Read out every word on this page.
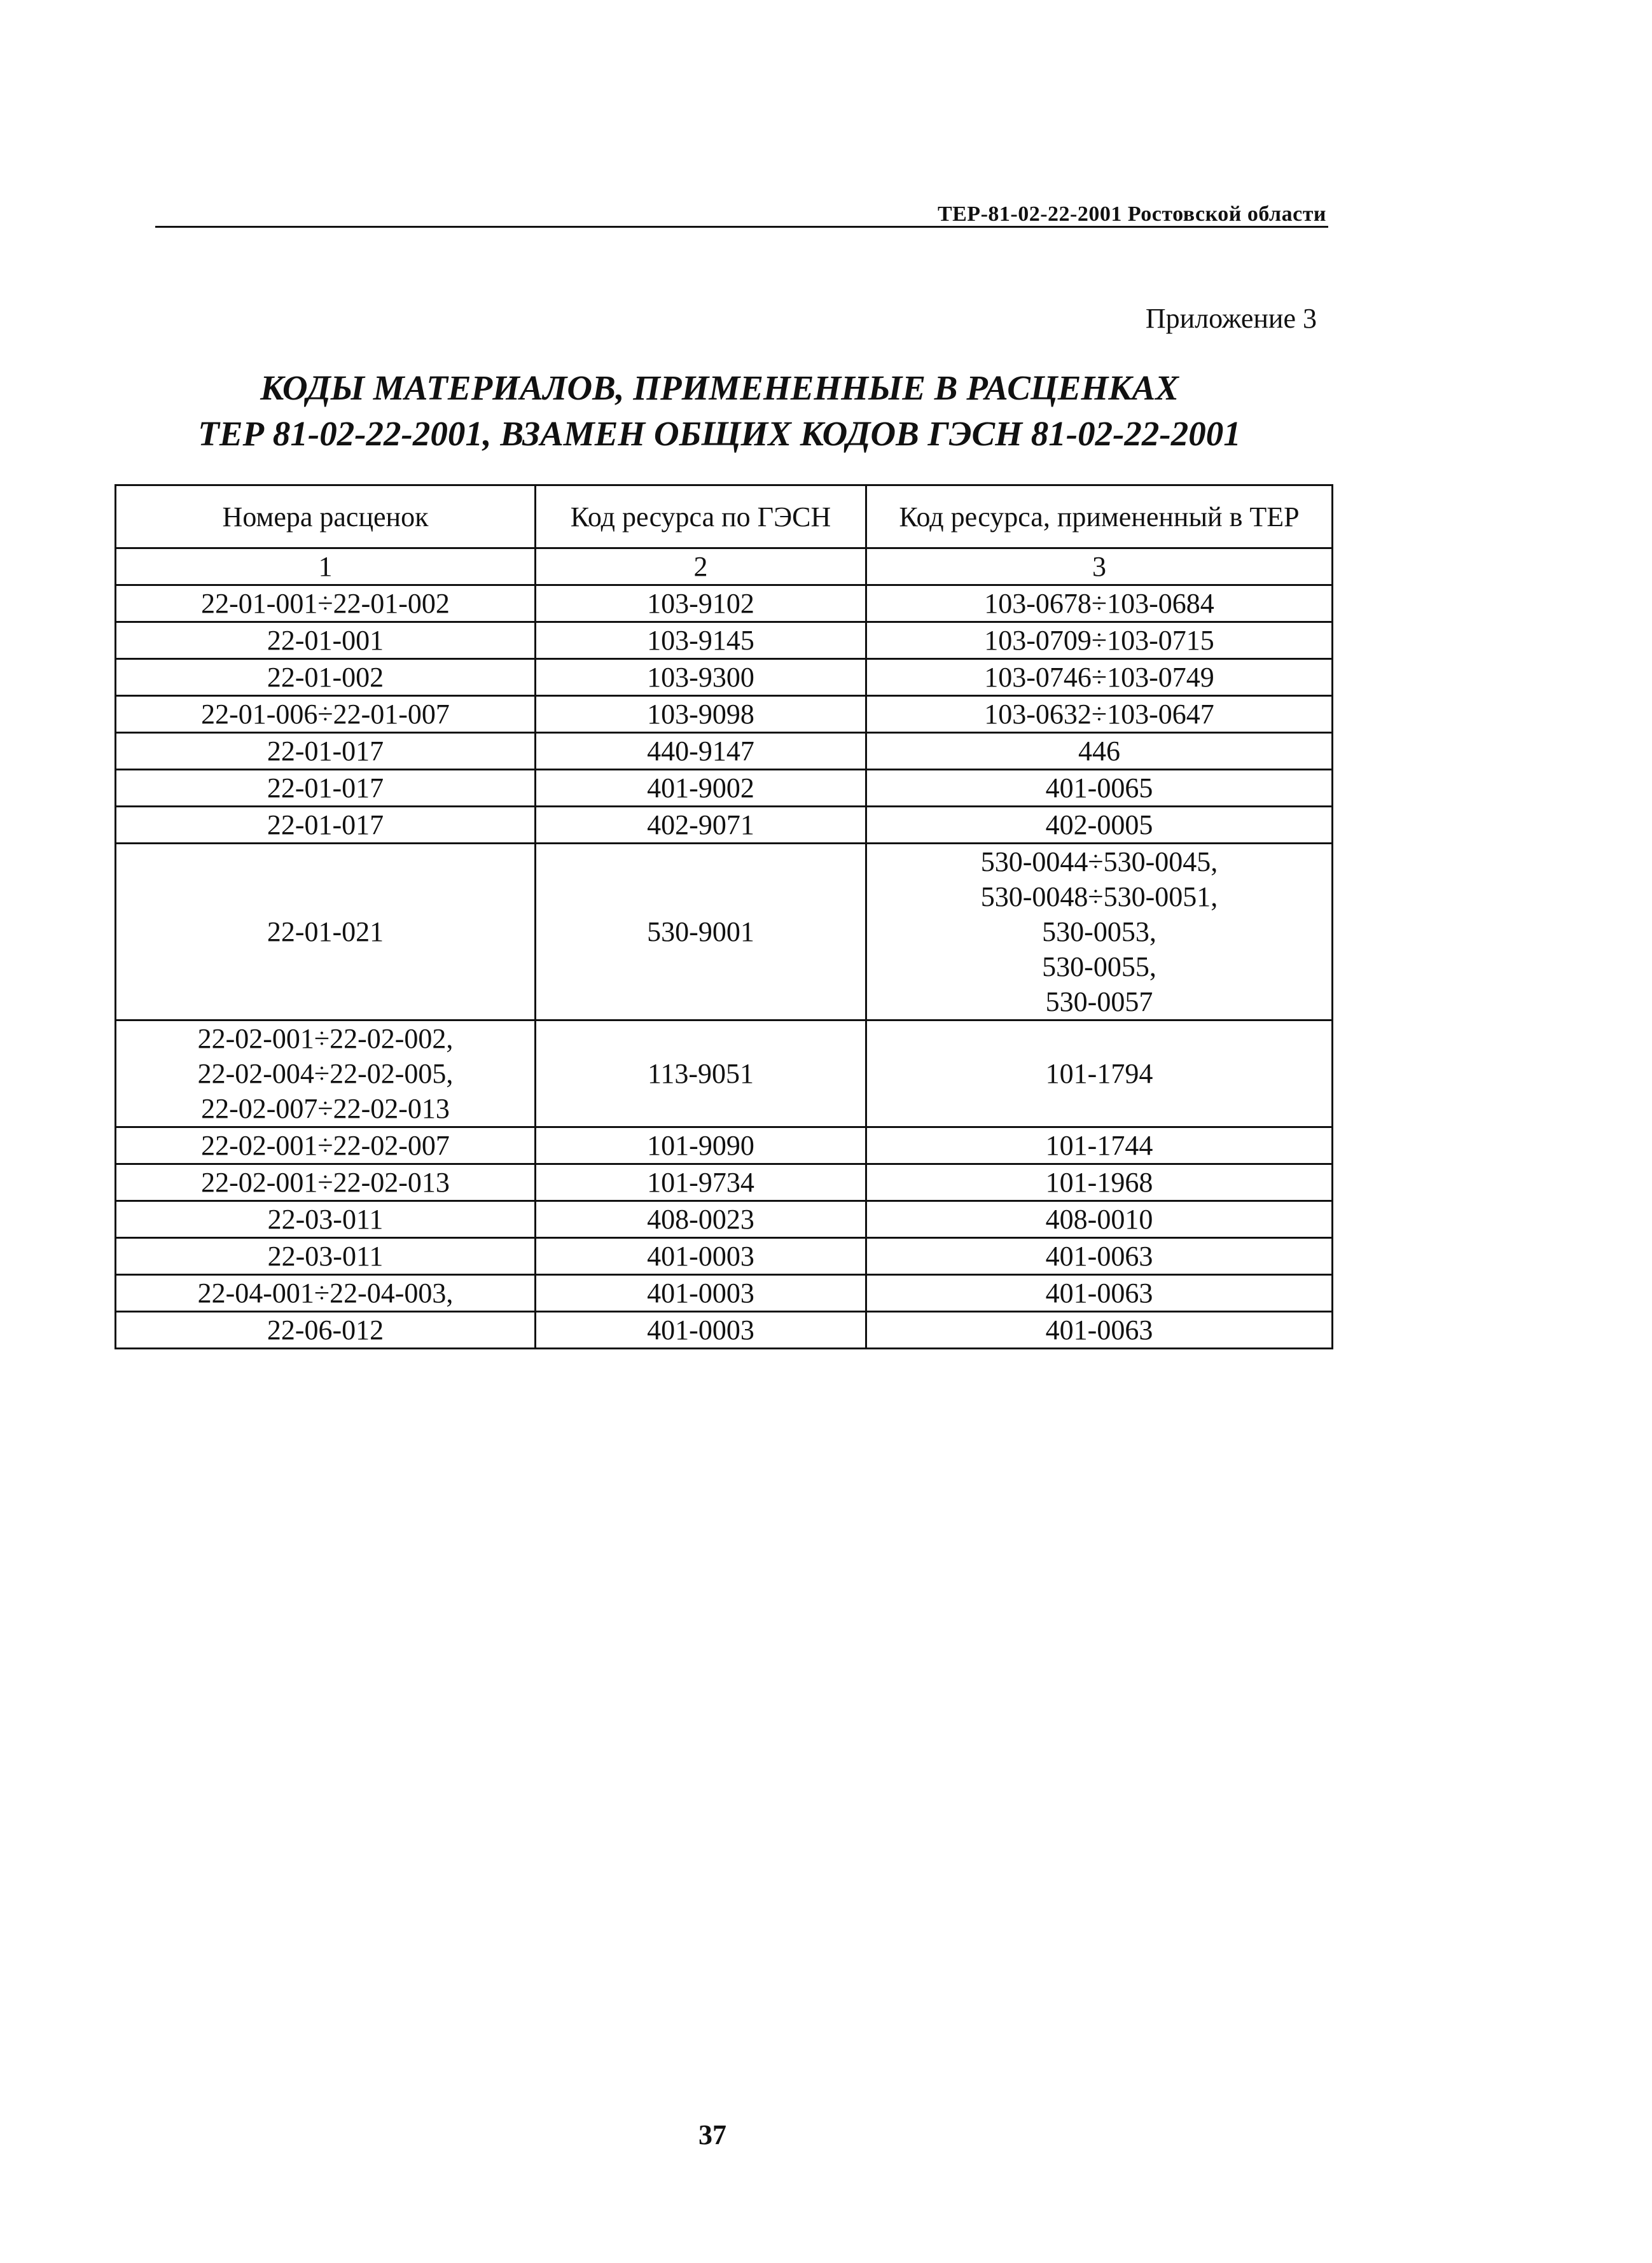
ТЕР-81-02-22-2001 Ростовской области
Приложение 3
КОДЫ МАТЕРИАЛОВ, ПРИМЕНЕННЫЕ В РАСЦЕНКАХ
ТЕР 81-02-22-2001, ВЗАМЕН ОБЩИХ КОДОВ ГЭСН 81-02-22-2001
Номера расценок	Код ресурса по ГЭСН	Код ресурса, примененный в ТЕР
1	2	3

22-01-001÷22-01-002	103-9102	103-0678÷103-0684

22-01-001	103-9145	103-0709÷103-0715

22-01-002	103-9300	103-0746÷103-0749

22-01-006÷22-01-007	103-9098	103-0632÷103-0647

22-01-017	440-9147	446

22-01-017	401-9002	401-0065

22-01-017	402-9071	402-0005

22-01-021	530-9001	530-0044÷530-0045,
530-0048÷530-0051,
530-0053,
530-0055,
530-0057

22-02-001÷22-02-002,
22-02-004÷22-02-005,
22-02-007÷22-02-013	113-9051	101-1794

22-02-001÷22-02-007	101-9090	101-1744

22-02-001÷22-02-013	101-9734	101-1968

22-03-011	408-0023	408-0010

22-03-011	401-0003	401-0063

22-04-001÷22-04-003,	401-0003	401-0063

22-06-012	401-0003	401-0063
37
